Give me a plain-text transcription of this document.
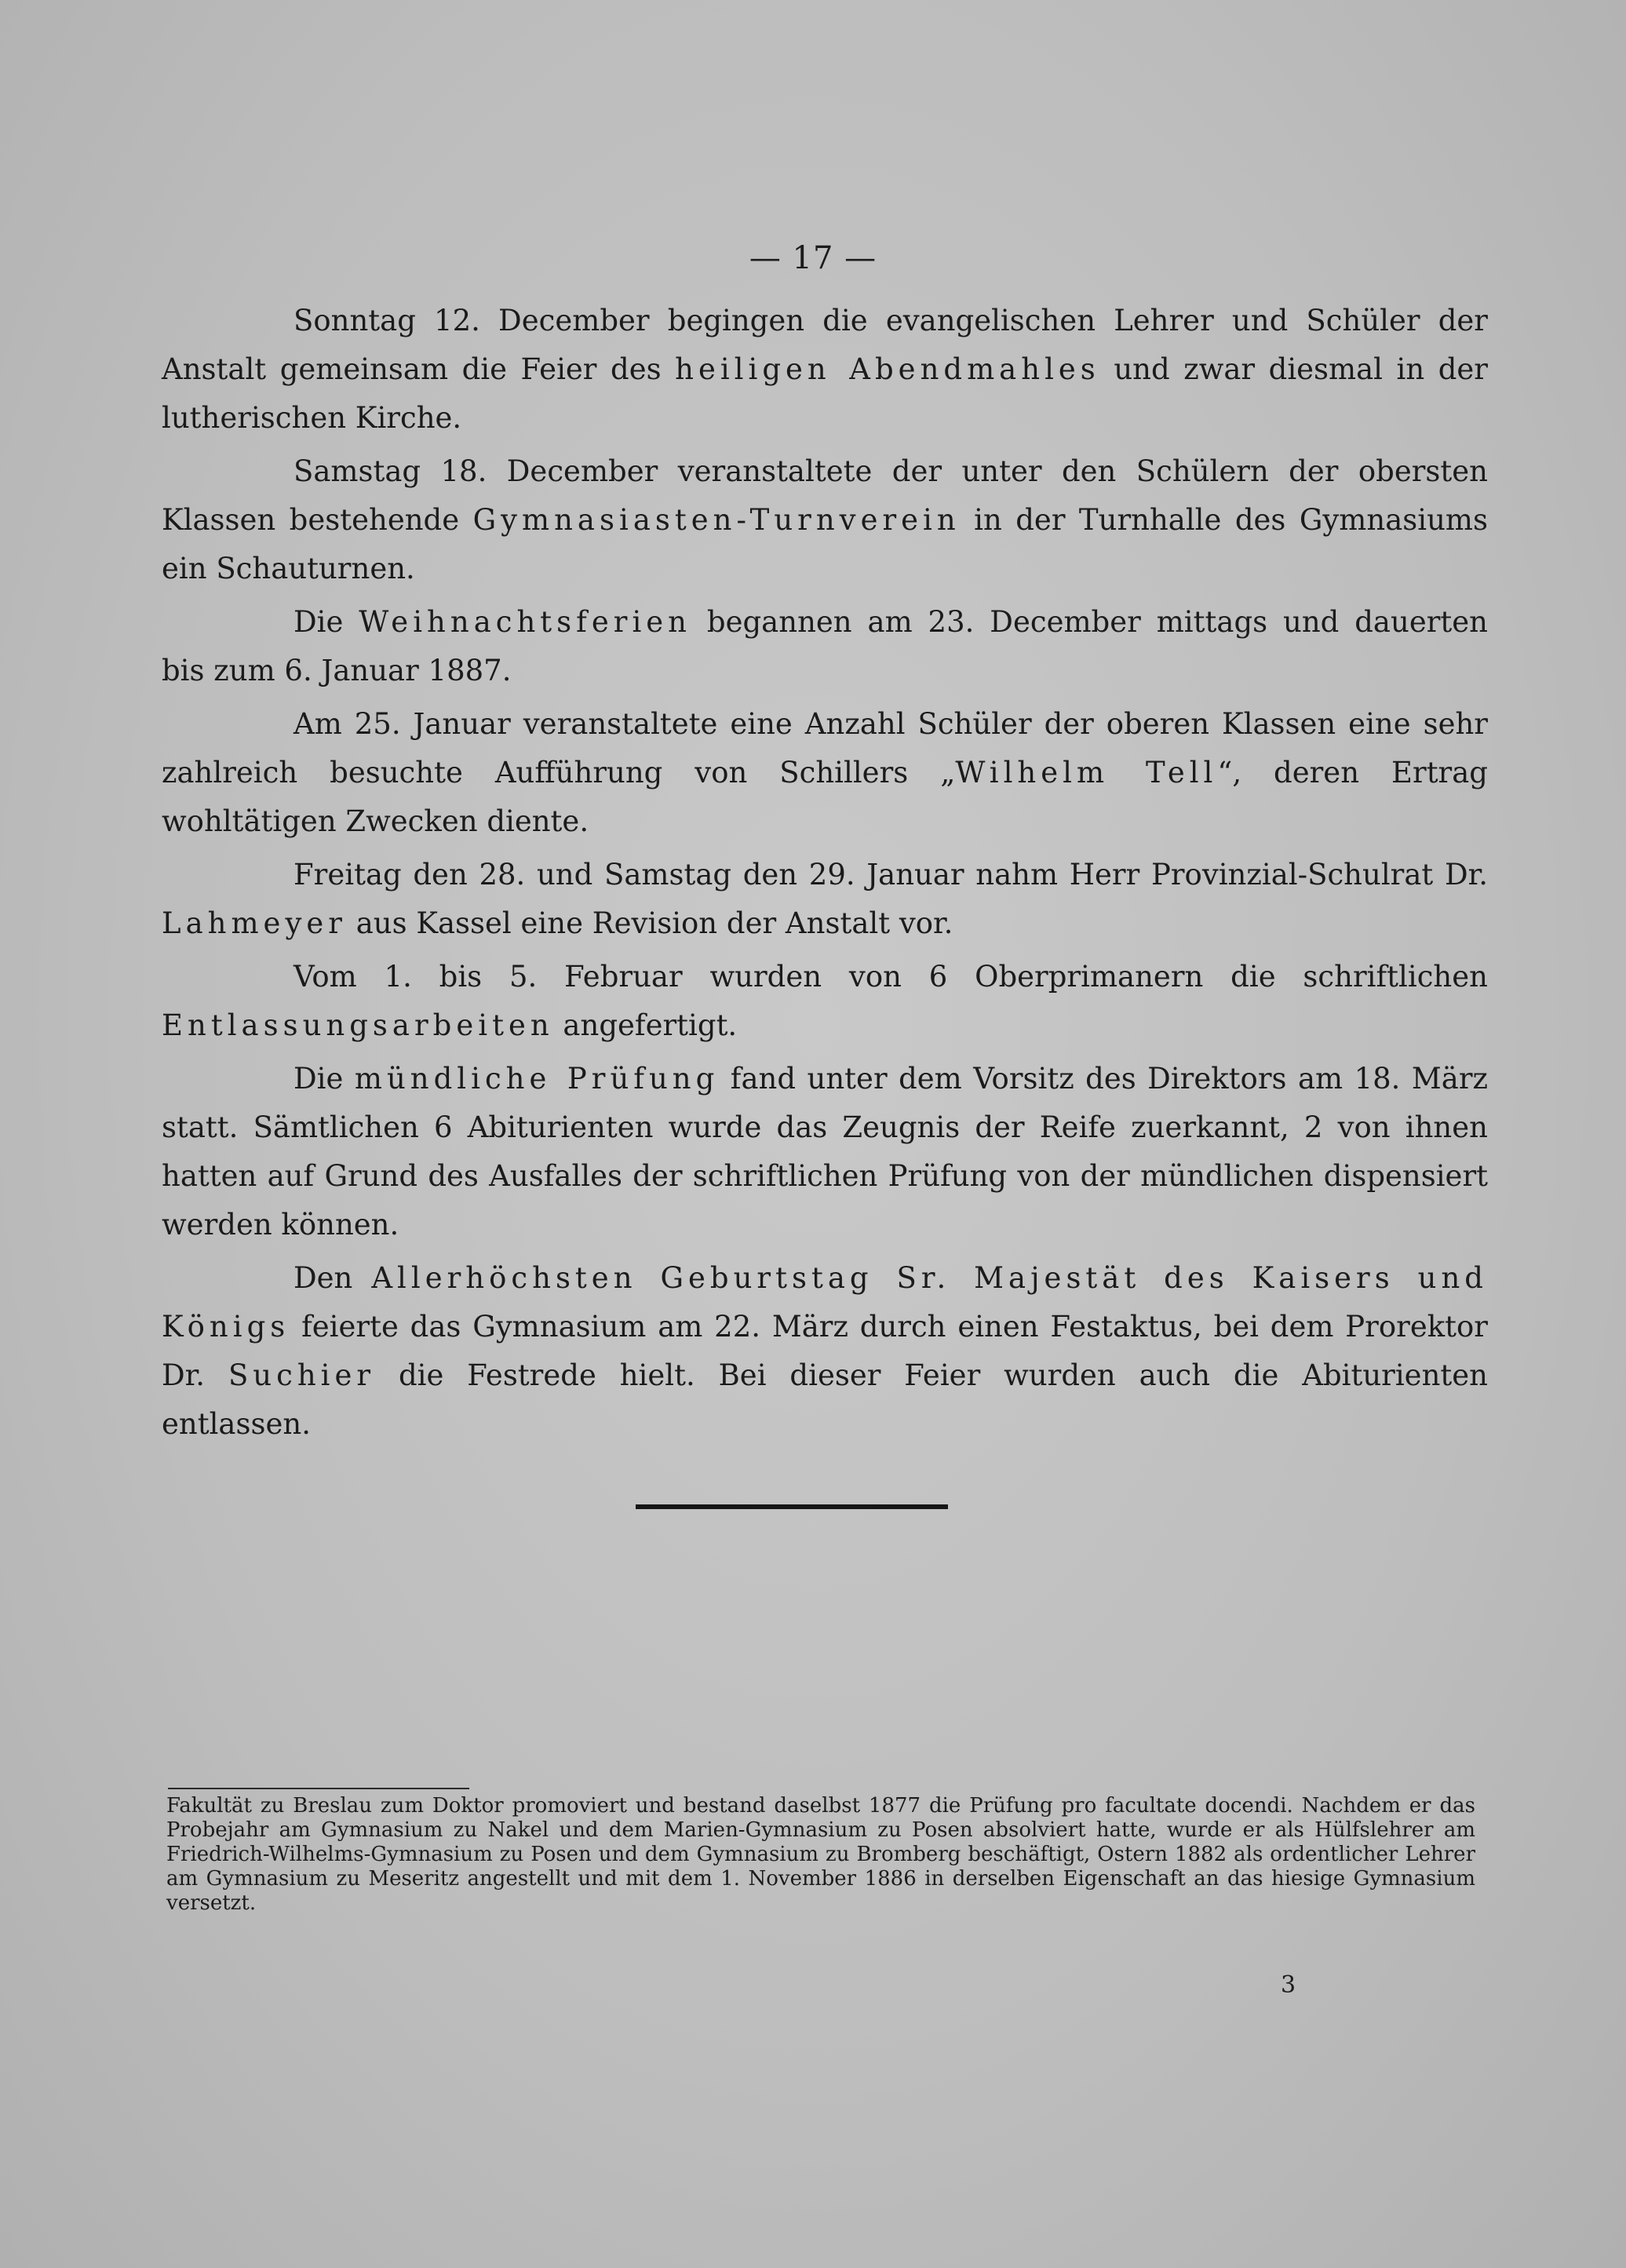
— 17 —

Sonntag 12. December begingen die evangelischen Lehrer und Schüler der Anstalt gemeinsam die Feier des heiligen Abendmahles und zwar diesmal in der lutherischen Kirche.

Samstag 18. December veranstaltete der unter den Schülern der obersten Klassen bestehende Gymnasiasten-Turnverein in der Turnhalle des Gymnasiums ein Schauturnen.

Die Weihnachtsferien begannen am 23. December mittags und dauerten bis zum 6. Januar 1887.

Am 25. Januar veranstaltete eine Anzahl Schüler der oberen Klassen eine sehr zahlreich besuchte Aufführung von Schillers „Wilhelm Tell“, deren Ertrag wohltätigen Zwecken diente.

Freitag den 28. und Samstag den 29. Januar nahm Herr Provinzial-Schulrat Dr. Lahmeyer aus Kassel eine Revision der Anstalt vor.

Vom 1. bis 5. Februar wurden von 6 Oberprimanern die schriftlichen Entlassungsarbeiten angefertigt.

Die mündliche Prüfung fand unter dem Vorsitz des Direktors am 18. März statt. Sämtlichen 6 Abiturienten wurde das Zeugnis der Reife zuerkannt, 2 von ihnen hatten auf Grund des Ausfalles der schriftlichen Prüfung von der mündlichen dispensiert werden können.

Den Allerhöchsten Geburtstag Sr. Majestät des Kaisers und Königs feierte das Gymnasium am 22. März durch einen Festaktus, bei dem Prorektor Dr. Suchier die Festrede hielt. Bei dieser Feier wurden auch die Abiturienten entlassen.

Fakultät zu Breslau zum Doktor promoviert und bestand daselbst 1877 die Prüfung pro facultate docendi. Nachdem er das Probejahr am Gymnasium zu Nakel und dem Marien-Gymnasium zu Posen absolviert hatte, wurde er als Hülfslehrer am Friedrich-Wilhelms-Gymnasium zu Posen und dem Gymnasium zu Bromberg beschäftigt, Ostern 1882 als ordentlicher Lehrer am Gymnasium zu Meseritz angestellt und mit dem 1. November 1886 in derselben Eigenschaft an das hiesige Gymnasium versetzt.
3
